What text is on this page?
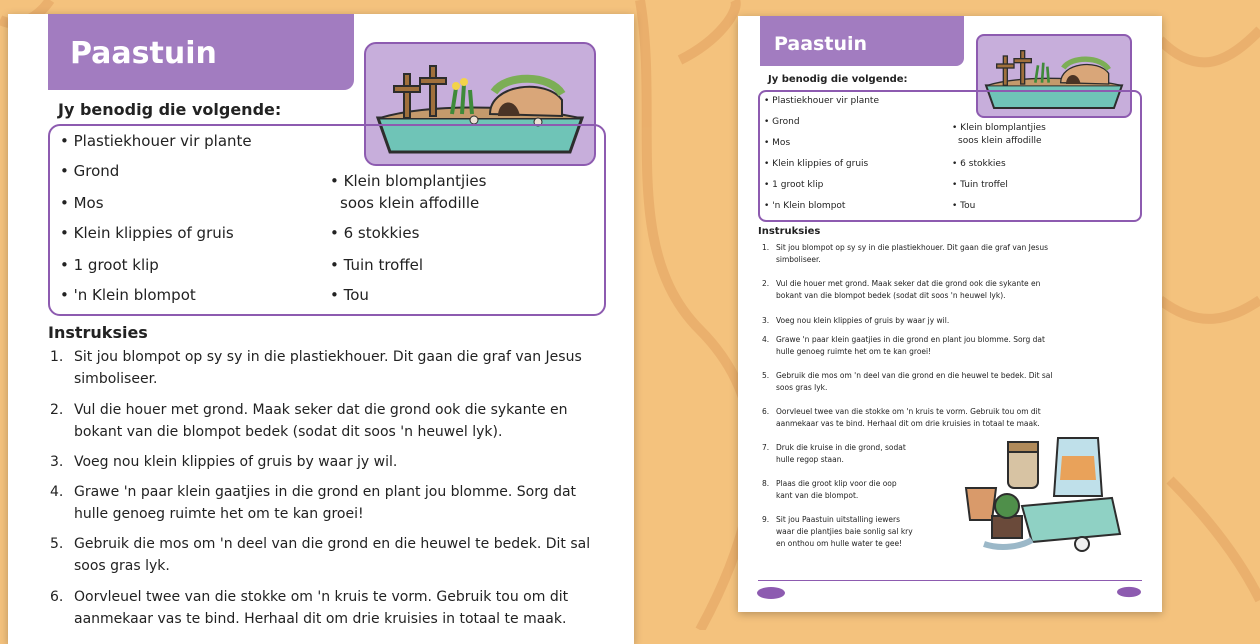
Paastuin
Jy benodig die volgende:
• Plastiekhouer vir plante
• Grond
• Mos
• Klein klippies of gruis
• 1 groot klip
• 'n Klein blompot
• Klein blomplantjies
soos klein affodille
• 6 stokkies
• Tuin troffel
• Tou
Instruksies
1. Sit jou blompot op sy sy in die plastiekhouer. Dit gaan die graf van Jesus
simboliseer.
2. Vul die houer met grond. Maak seker dat die grond ook die sykante en
bokant van die blompot bedek (sodat dit soos 'n heuwel lyk).
3. Voeg nou klein klippies of gruis by waar jy wil.
4. Grawe 'n paar klein gaatjies in die grond en plant jou blomme. Sorg dat
hulle genoeg ruimte het om te kan groei!
5. Gebruik die mos om 'n deel van die grond en die heuwel te bedek. Dit sal
soos gras lyk.
6. Oorvleuel twee van die stokke om 'n kruis te vorm. Gebruik tou om dit
aanmekaar vas te bind. Herhaal dit om drie kruisies in totaal te maak.
Paastuin
Jy benodig die volgende:
• Plastiekhouer vir plante
• Grond
• Mos
• Klein klippies of gruis
• 1 groot klip
• 'n Klein blompot
• Klein blomplantjies
soos klein affodille
• 6 stokkies
• Tuin troffel
• Tou
Instruksies
1. Sit jou blompot op sy sy in die plastiekhouer. Dit gaan die graf van Jesus
simboliseer.
2. Vul die houer met grond. Maak seker dat die grond ook die sykante en
bokant van die blompot bedek (sodat dit soos 'n heuwel lyk).
3. Voeg nou klein klippies of gruis by waar jy wil.
4. Grawe 'n paar klein gaatjies in die grond en plant jou blomme. Sorg dat
hulle genoeg ruimte het om te kan groei!
5. Gebruik die mos om 'n deel van die grond en die heuwel te bedek. Dit sal
soos gras lyk.
6. Oorvleuel twee van die stokke om 'n kruis te vorm. Gebruik tou om dit
aanmekaar vas te bind. Herhaal dit om drie kruisies in totaal te maak.
7. Druk die kruise in die grond, sodat
hulle regop staan.
8. Plaas die groot klip voor die oop
kant van die blompot.
9. Sit jou Paastuin uitstalling iewers
waar die plantjies baie sonlig sal kry
en onthou om hulle water te gee!
